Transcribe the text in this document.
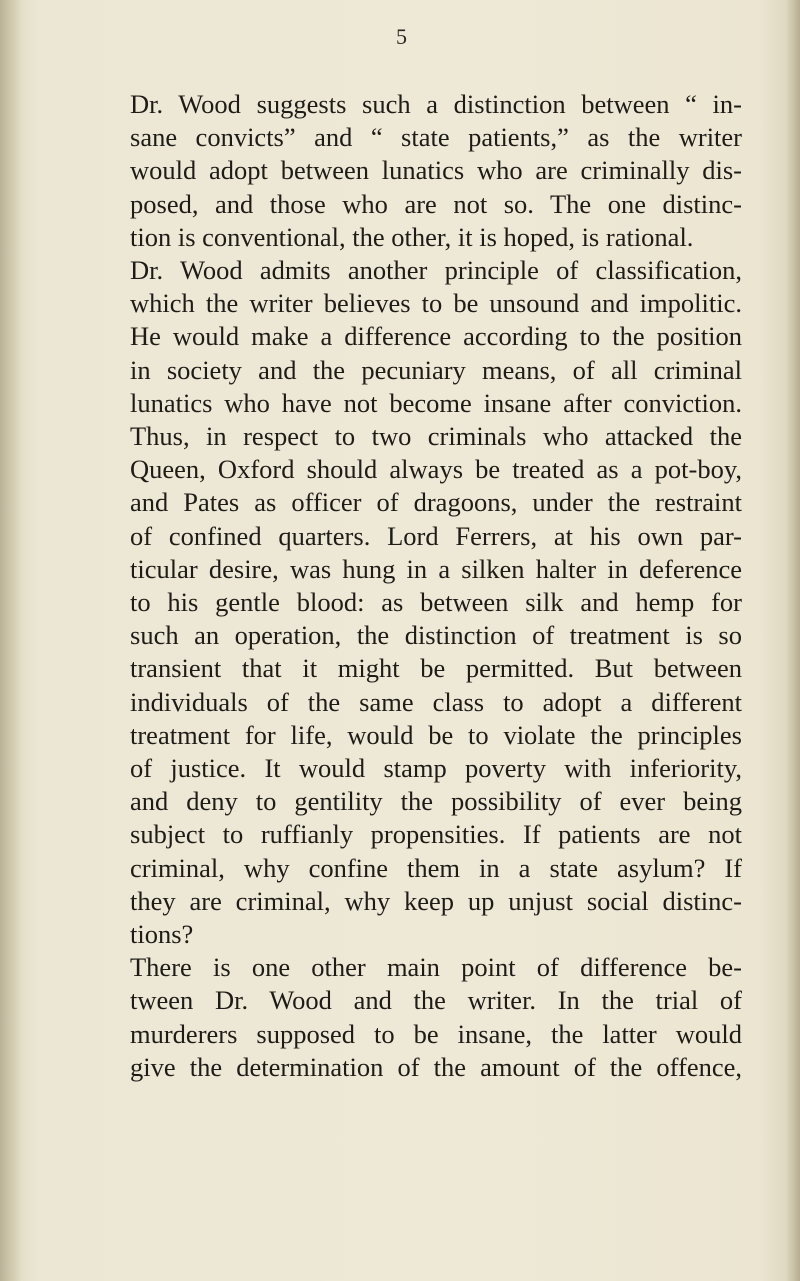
5
Dr. Wood suggests such a distinction between “ in-
sane convicts” and “ state patients,” as the writer
would adopt between lunatics who are criminally dis-
posed, and those who are not so. The one distinc-
tion is conventional, the other, it is hoped, is rational.
Dr. Wood admits another principle of classification,
which the writer believes to be unsound and impolitic.
He would make a difference according to the position
in society and the pecuniary means, of all criminal
lunatics who have not become insane after conviction.
Thus, in respect to two criminals who attacked the
Queen, Oxford should always be treated as a pot-boy,
and Pates as officer of dragoons, under the restraint
of confined quarters. Lord Ferrers, at his own par-
ticular desire, was hung in a silken halter in deference
to his gentle blood: as between silk and hemp for
such an operation, the distinction of treatment is so
transient that it might be permitted. But between
individuals of the same class to adopt a different
treatment for life, would be to violate the principles
of justice. It would stamp poverty with inferiority,
and deny to gentility the possibility of ever being
subject to ruffianly propensities. If patients are not
criminal, why confine them in a state asylum? If
they are criminal, why keep up unjust social distinc-
tions?
There is one other main point of difference be-
tween Dr. Wood and the writer. In the trial of
murderers supposed to be insane, the latter would
give the determination of the amount of the offence,
